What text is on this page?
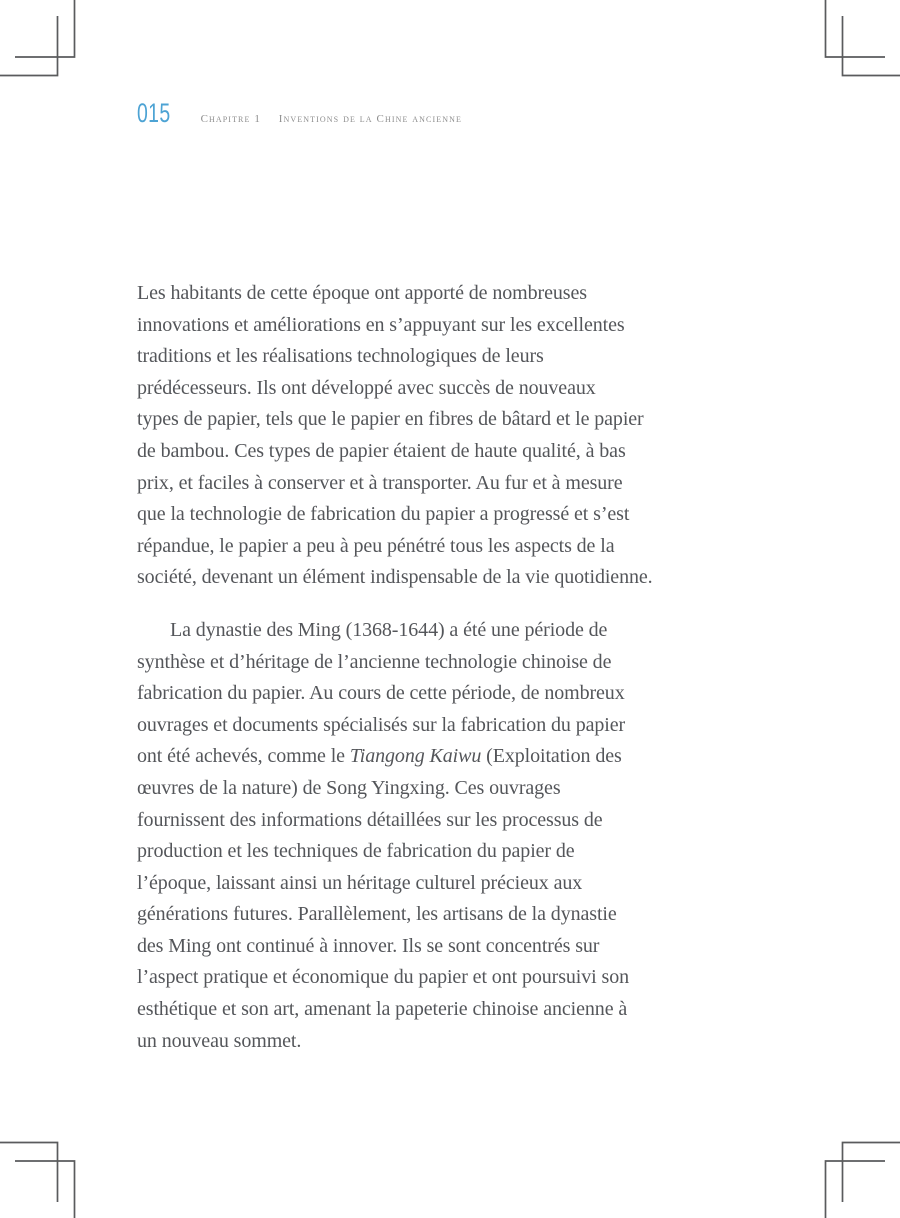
015	Chapitre 1 Inventions de la Chine ancienne
Les habitants de cette époque ont apporté de nombreuses
innovations et améliorations en s’appuyant sur les excellentes
traditions et les réalisations technologiques de leurs
prédécesseurs. Ils ont développé avec succès de nouveaux
types de papier, tels que le papier en fibres de bâtard et le papier
de bambou. Ces types de papier étaient de haute qualité, à bas
prix, et faciles à conserver et à transporter. Au fur et à mesure
que la technologie de fabrication du papier a progressé et s’est
répandue, le papier a peu à peu pénétré tous les aspects de la
société, devenant un élément indispensable de la vie quotidienne.
La dynastie des Ming (1368-1644) a été une période de
synthèse et d’héritage de l’ancienne technologie chinoise de
fabrication du papier. Au cours de cette période, de nombreux
ouvrages et documents spécialisés sur la fabrication du papier
ont été achevés, comme le Tiangong Kaiwu (Exploitation des
œuvres de la nature) de Song Yingxing. Ces ouvrages
fournissent des informations détaillées sur les processus de
production et les techniques de fabrication du papier de
l’époque, laissant ainsi un héritage culturel précieux aux
générations futures. Parallèlement, les artisans de la dynastie
des Ming ont continué à innover. Ils se sont concentrés sur
l’aspect pratique et économique du papier et ont poursuivi son
esthétique et son art, amenant la papeterie chinoise ancienne à
un nouveau sommet.
